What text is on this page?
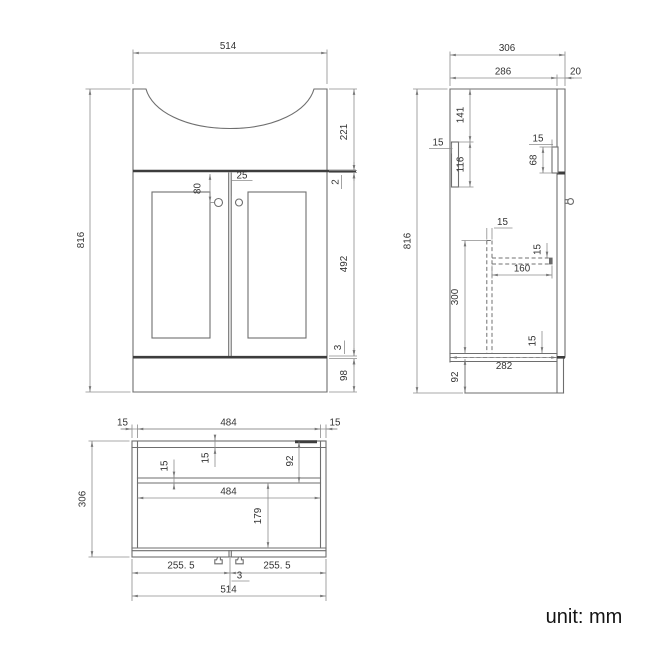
514
816
221
2
492
3
98
80
25
306
286	20
816
141
116
15	15
68
15
300
15
160
15
282
92
15	484	15
306
15
15	92
484
179
255. 5	255. 5
3
514
unit: mm
